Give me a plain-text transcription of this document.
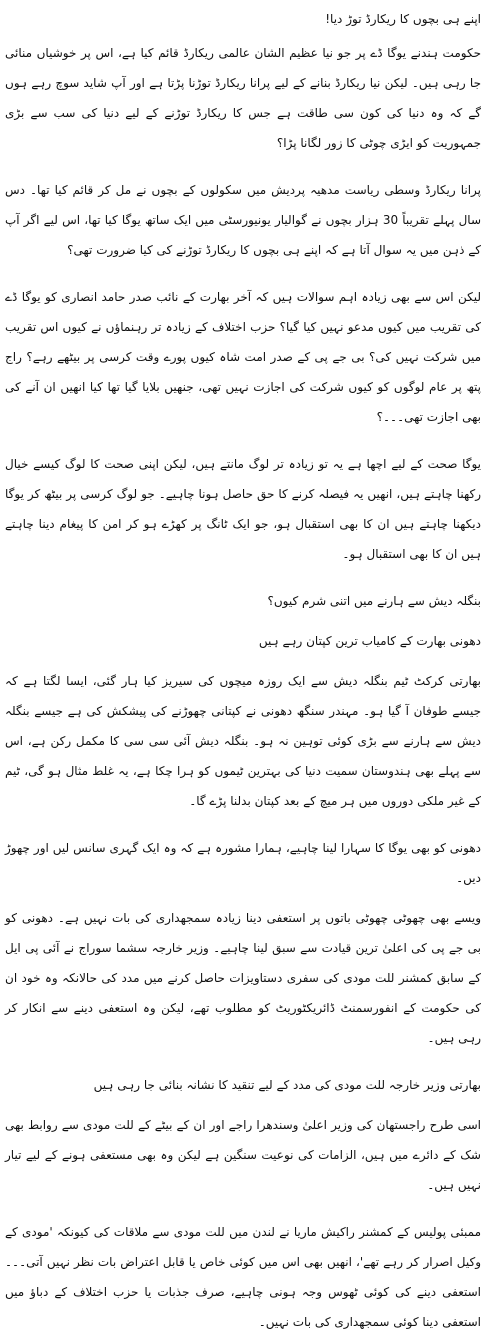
اپنے ہی بچوں کا ریکارڈ توڑ دیا!

حکومت ہندنے یوگا ڈے پر جو نیا عظیم الشان عالمی ریکارڈ قائم کیا ہے، اس پر خوشیاں منائی جا رہی ہیں۔ لیکن نیا ریکارڈ بنانے کے لیے پرانا ریکارڈ توڑنا پڑتا ہے اور آپ شاید سوچ رہے ہوں گے کہ وہ دنیا کی کون سی طاقت ہے جس کا ریکارڈ توڑنے کے لیے دنیا کی سب سے بڑی جمہوریت کو ایڑی چوٹی کا زور لگانا پڑا؟

پرانا ریکارڈ وسطی ریاست مدھیہ پردیش میں سکولوں کے بچوں نے مل کر قائم کیا تھا۔ دس سال پہلے تقریباً 30 ہزار بچوں نے گوالیار یونیورسٹی میں ایک ساتھ یوگا کیا تھا، اس لیے اگر آپ کے ذہن میں یہ سوال آتا ہے کہ اپنے ہی بچوں کا ریکارڈ توڑنے کی کیا ضرورت تھی؟

لیکن اس سے بھی زیادہ اہم سوالات ہیں کہ آخر بھارت کے نائب صدر حامد انصاری کو یوگا ڈے کی تقریب میں کیوں مدعو نہیں کیا گیا؟ حزب اختلاف کے زیادہ تر رہنماؤں نے کیوں اس تقریب میں شرکت نہیں کی؟ بی جے پی کے صدر امت شاہ کیوں پورے وقت کرسی پر بیٹھے رہے؟ راج پتھ پر عام لوگوں کو کیوں شرکت کی اجازت نہیں تھی، جنھیں بلایا گیا تھا کیا انھیں ان آنے کی بھی اجازت تھی۔۔۔؟

یوگا صحت کے لیے اچھا ہے یہ تو زیادہ تر لوگ مانتے ہیں، لیکن اپنی صحت کا لوگ کیسے خیال رکھنا چاہتے ہیں، انھیں یہ فیصلہ کرنے کا حق حاصل ہونا چاہیے۔ جو لوگ کرسی پر بیٹھ کر یوگا دیکھنا چاہتے ہیں ان کا بھی استقبال ہو، جو ایک ٹانگ پر کھڑے ہو کر امن کا پیغام دینا چاہتے ہیں ان کا بھی استقبال ہو۔

بنگلہ دیش سے ہارنے میں اتنی شرم کیوں؟

دھونی بھارت کے کامیاب ترین کپتان رہے ہیں

بھارتی کرکٹ ٹیم بنگلہ دیش سے ایک روزہ میچوں کی سیریز کیا ہار گئی، ایسا لگتا ہے کہ جیسے طوفان آ گیا ہو۔ مہندر سنگھ دھونی نے کپتانی چھوڑنے کی پیشکش کی ہے جیسے بنگلہ دیش سے ہارنے سے بڑی کوئی توہین نہ ہو۔ بنگلہ دیش آئی سی سی کا مکمل رکن ہے، اس سے پہلے بھی ہندوستان سمیت دنیا کی بہترین ٹیموں کو ہرا چکا ہے، یہ غلط مثال ہو گی، ٹیم کے غیر ملکی دوروں میں ہر میچ کے بعد کپتان بدلنا پڑے گا۔

دھونی کو بھی یوگا کا سہارا لینا چاہیے، ہمارا مشورہ ہے کہ وہ ایک گہری سانس لیں اور چھوڑ دیں۔

ویسے بھی چھوٹی چھوٹی باتوں پر استعفی دینا زیادہ سمجھداری کی بات نہیں ہے۔ دھونی کو بی جے پی کی اعلیٰ ترین قیادت سے سبق لینا چاہیے۔ وزیر خارجہ سشما سوراج نے آئی پی ایل کے سابق کمشنر للت مودی کی سفری دستاویزات حاصل کرنے میں مدد کی حالانکہ وہ خود ان کی حکومت کے انفورسمنٹ ڈائریکٹوریٹ کو مطلوب تھے، لیکن وہ استعفی دینے سے انکار کر رہی ہیں۔

بھارتی وزیر خارجہ للت مودی کی مدد کے لیے تنقید کا نشانہ بنائی جا رہی ہیں

اسی طرح راجستھان کی وزیر اعلیٰ وسندھرا راجے اور ان کے بیٹے کے للت مودی سے روابط بھی شک کے دائرے میں ہیں، الزامات کی نوعیت سنگین ہے لیکن وہ بھی مستعفی ہونے کے لیے تیار نہیں ہیں۔

ممبئی پولیس کے کمشنر راکیش ماریا نے لندن میں للت مودی سے ملاقات کی کیونکہ 'مودی کے وکیل اصرار کر رہے تھے'، انھیں بھی اس میں کوئی خاص یا قابل اعتراض بات نظر نہیں آتی۔۔۔ استعفی دینے کی کوئی ٹھوس وجہ ہونی چاہیے، صرف جذبات یا حزب اختلاف کے دباؤ میں استعفی دینا کوئی سمجھداری کی بات نہیں۔
